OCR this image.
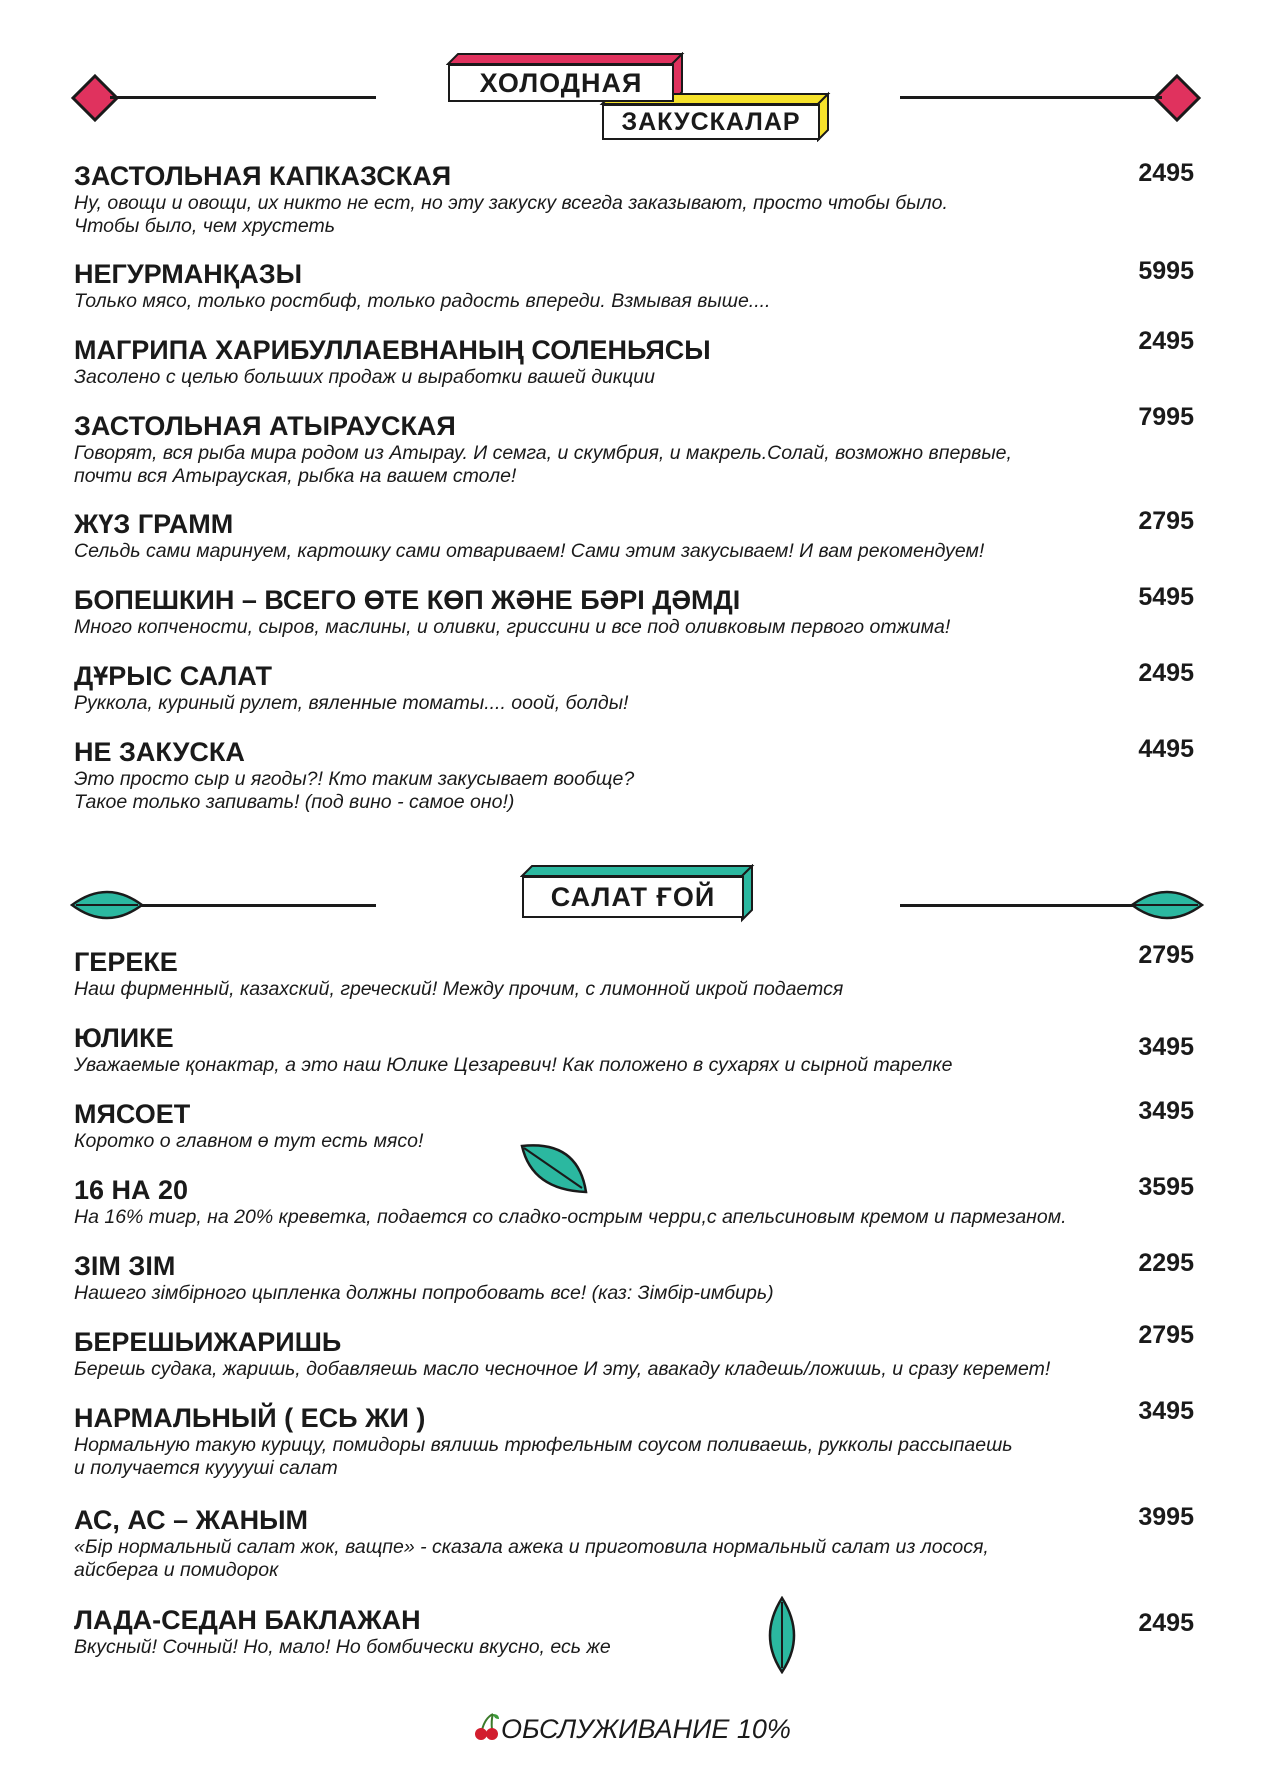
ХОЛОДНАЯ
ЗАКУСКАЛАР
ЗАСТОЛЬНАЯ КАПКАЗСКАЯ	2495
Ну, овощи и овощи, их никто не ест, но эту закуску всегда заказывают, просто чтобы было.
Чтобы было, чем хрустеть
НЕГУРМАНҚАЗЫ	5995
Только мясо, только ростбиф, только радость впереди. Взмывая выше....
МАГРИПА ХАРИБУЛЛАЕВНАНЫҢ СОЛЕНЬЯСЫ	2495
Засолено с целью больших продаж и выработки вашей дикции
ЗАСТОЛЬНАЯ АТЫРАУСКАЯ	7995
Говорят, вся рыба мира родом из Атырау. И семга, и скумбрия, и макрель.Солай, возможно впервые,
почти вся Атырауская, рыбка на вашем столе!
ЖҮЗ ГРАММ	2795
Сельдь сами маринуем, картошку сами отвариваем! Сами этим закусываем! И вам рекомендуем!
БОПЕШКИН – ВСЕГО ӨТЕ КӨП ЖӘНЕ БӘРІ ДӘМДІ	5495
Много копчености, сыров, маслины, и оливки, гриссини и все под оливковым первого отжима!
ДҰРЫС САЛАТ	2495
Руккола, куриный рулет, вяленные томаты.... ооой, болды!
НЕ ЗАКУСКА	4495
Это просто сыр и ягоды?! Кто таким закусывает вообще?
Такое только запивать! (под вино - самое оно!)
САЛАТ ҒОЙ
ГЕРЕКЕ	2795
Наш фирменный, казахский, греческий! Между прочим, с лимонной икрой подается
ЮЛИКЕ	3495
Уважаемые қонактар, а это наш Юлике Цезаревич! Как положено в сухарях и сырной тарелке
МЯСОЕТ	3495
Коротко о главном ө тут есть мясо!
16 НА 20	3595
На 16% тигр, на 20% креветка, подается со сладко-острым черри,с апельсиновым кремом и пармезаном.
ЗІМ ЗІМ	2295
Нашего зімбірного цыпленка должны попробовать все! (каз: Зімбір-имбирь)
БЕРЕШЬИЖАРИШЬ	2795
Берешь судака, жаришь, добавляешь масло чесночное И эту, авакаду кладешь/ложишь, и сразу керемет!
НАРМАЛЬНЫЙ ( ЕСЬ ЖИ )	3495
Нормальную такую курицу, помидоры вялишь трюфельным соусом поливаешь, рукколы рассыпаешь
и получается кууууші салат
АС, АС – ЖАНЫМ	3995
«Бір нормальный салат жок, ващпе» - сказала ажека и приготовила нормальный салат из лосося,
айсберга и помидорок
ЛАДА-СЕДАН БАКЛАЖАН	2495
Вкусный! Сочный! Но, мало! Но бомбически вкусно, есь же
ОБСЛУЖИВАНИЕ 10%
